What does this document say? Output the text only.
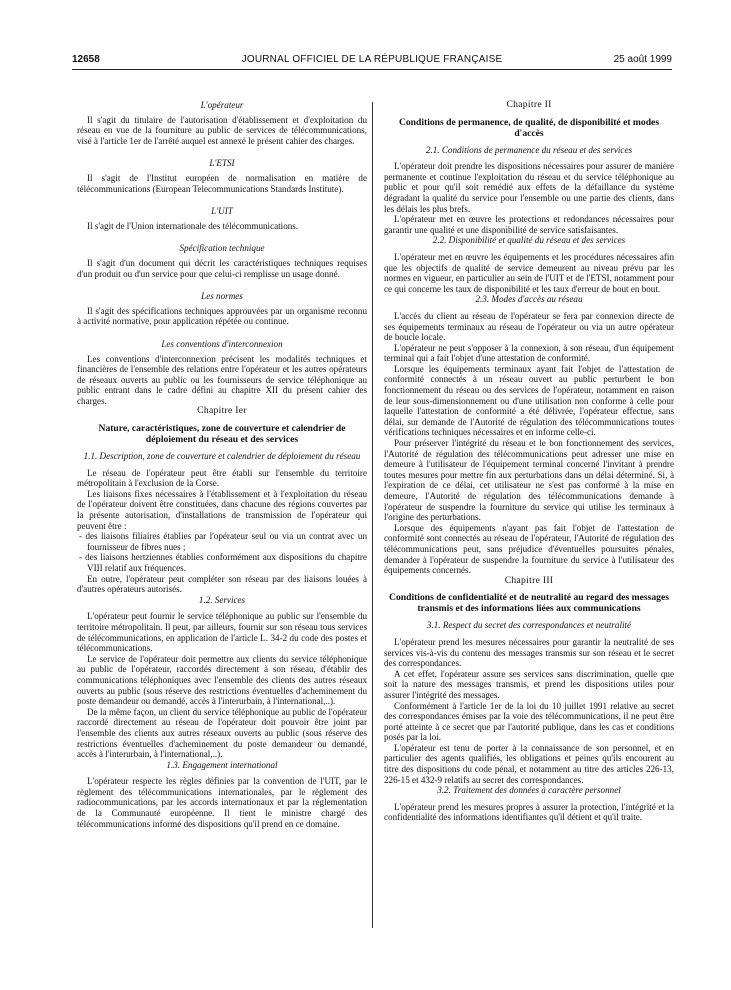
12658	JOURNAL OFFICIEL DE LA RÉPUBLIQUE FRANÇAISE	25 août 1999

L'opérateur

Il s'agit du titulaire de l'autorisation d'établissement et d'exploitation du réseau en vue de la fourniture au public de services de télécommunications, visé à l'article 1er de l'arrêté auquel est annexé le présent cahier des charges.

L'ETSI

Il s'agit de l'Institut européen de normalisation en matière de télécommunications (European Telecommunications Standards Institute).

L'UIT

Il s'agit de l'Union internationale des télécommunications.

Spécification technique

Il s'agit d'un document qui décrit les caractéristiques techniques requises d'un produit ou d'un service pour que celui-ci remplisse un usage donné.

Les normes

Il s'agit des spécifications techniques approuvées par un organisme reconnu à activité normative, pour application répétée ou continue.

Les conventions d'interconnexion

Les conventions d'interconnexion précisent les modalités techniques et financières de l'ensemble des relations entre l'opérateur et les autres opérateurs de réseaux ouverts au public ou les fournisseurs de service téléphonique au public entrant dans le cadre défini au chapitre XII du présent cahier des charges.

Chapitre Ier

Nature, caractéristiques, zone de couverture et calendrier de déploiement du réseau et des services

1.1. Description, zone de couverture et calendrier de déploiement du réseau

Le réseau de l'opérateur peut être établi sur l'ensemble du territoire métropolitain à l'exclusion de la Corse.

Les liaisons fixes nécessaires à l'établissement et à l'exploitation du réseau de l'opérateur doivent être constituées, dans chacune des régions couvertes par la présente autorisation, d'installations de transmission de l'opérateur qui peuvent être :

- des liaisons filiaires établies par l'opérateur seul ou via un contrat avec un fournisseur de fibres nues ;
- des liaisons hertziennes établies conformément aux dispositions du chapitre VIII relatif aux fréquences.

En outre, l'opérateur peut compléter son réseau par des liaisons louées à d'autres opérateurs autorisés.

1.2. Services

L'opérateur peut fournir le service téléphonique au public sur l'ensemble du territoire métropolitain. Il peut, par ailleurs, fournir sur son réseau tous services de télécommunications, en application de l'article L. 34-2 du code des postes et télécommunications.

Le service de l'opérateur doit permettre aux clients du service téléphonique au public de l'opérateur, raccordés directement à son réseau, d'établir des communications téléphoniques avec l'ensemble des clients des autres réseaux ouverts au public (sous réserve des restrictions éventuelles d'acheminement du poste demandeur ou demandé, accès à l'interurbain, à l'international,..).

De la même façon, un client du service téléphonique au public de l'opérateur raccordé directement au réseau de l'opérateur doit pouvoir être joint par l'ensemble des clients aux autres réseaux ouverts au public (sous réserve des restrictions éventuelles d'acheminement du poste demandeur ou demandé, accès à l'interurbain, à l'international,..).

1.3. Engagement international

L'opérateur respecte les règles définies par la convention de l'UIT, par le règlement des télécommunications internationales, par le règlement des radiocommunications, par les accords internationaux et par la réglementation de la Communauté européenne. Il tient le ministre chargé des télécommunications informé des dispositions qu'il prend en ce domaine.

Chapitre II

Conditions de permanence, de qualité, de disponibilité et modes d'accès

2.1. Conditions de permanence du réseau et des services

L'opérateur doit prendre les dispositions nécessaires pour assurer de manière permanente et continue l'exploitation du réseau et du service téléphonique au public et pour qu'il soit remédié aux effets de la défaillance du système dégradant la qualité du service pour l'ensemble ou une partie des clients, dans les délais les plus brefs.

L'opérateur met en œuvre les protections et redondances nécessaires pour garantir une qualité et une disponibilité de service satisfaisantes.

2.2. Disponibilité et qualité du réseau et des services

L'opérateur met en œuvre les équipements et les procédures nécessaires afin que les objectifs de qualité de service demeurent au niveau prévu par les normes en vigueur, en particulier au sein de l'UIT et de l'ETSI, notamment pour ce qui concerne les taux de disponibilité et les taux d'erreur de bout en bout.

2.3. Modes d'accès au réseau

L'accès du client au réseau de l'opérateur se fera par connexion directe de ses équipements terminaux au réseau de l'opérateur ou via un autre opérateur de boucle locale.

L'opérateur ne peut s'opposer à la connexion, à son réseau, d'un équipement terminal qui a fait l'objet d'une attestation de conformité.

Lorsque les équipements terminaux ayant fait l'objet de l'attestation de conformité connectés à un réseau ouvert au public perturbent le bon fonctionnement du réseau ou des services de l'opérateur, notamment en raison de leur sous-dimensionnement ou d'une utilisation non conforme à celle pour laquelle l'attestation de conformité a été délivrée, l'opérateur effectue, sans délai, sur demande de l'Autorité de régulation des télécommunications toutes vérifications techniques nécessaires et en informe celle-ci.

Pour préserver l'intégrité du réseau et le bon fonctionnement des services, l'Autorité de régulation des télécommunications peut adresser une mise en demeure à l'utilisateur de l'équipement terminal concerné l'invitant à prendre toutes mesures pour mettre fin aux perturbations dans un délai déterminé. Si, à l'expiration de ce délai, cet utilisateur ne s'est pas conformé à la mise en demeure, l'Autorité de régulation des télécommunications demande à l'opérateur de suspendre la fourniture du service qui utilise les terminaux à l'origine des perturbations.

Lorsque des équipements n'ayant pas fait l'objet de l'attestation de conformité sont connectés au réseau de l'opérateur, l'Autorité de régulation des télécommunications peut, sans préjudice d'éventuelles poursuites pénales, demander à l'opérateur de suspendre la fourniture du service à l'utilisateur des équipements concernés.

Chapitre III

Conditions de confidentialité et de neutralité au regard des messages transmis et des informations liées aux communications

3.1. Respect du secret des correspondances et neutralité

L'opérateur prend les mesures nécessaires pour garantir la neutralité de ses services vis-à-vis du contenu des messages transmis sur son réseau et le secret des correspondances.

A cet effet, l'opérateur assure ses services sans discrimination, quelle que soit la nature des messages transmis, et prend les dispositions utiles pour assurer l'intégrité des messages.

Conformément à l'article 1er de la loi du 10 juillet 1991 relative au secret des correspondances émises par la voie des télécommunications, il ne peut être porté atteinte à ce secret que par l'autorité publique, dans les cas et conditions posés par la loi.

L'opérateur est tenu de porter à la connaissance de son personnel, et en particulier des agents qualifiés, les obligations et peines qu'ils encourent au titre des dispositions du code pénal, et notamment au titre des articles 226-13, 226-15 et 432-9 relatifs au secret des correspondances.

3.2. Traitement des données à caractère personnel

L'opérateur prend les mesures propres à assurer la protection, l'intégrité et la confidentialité des informations identifiantes qu'il détient et qu'il traite.
